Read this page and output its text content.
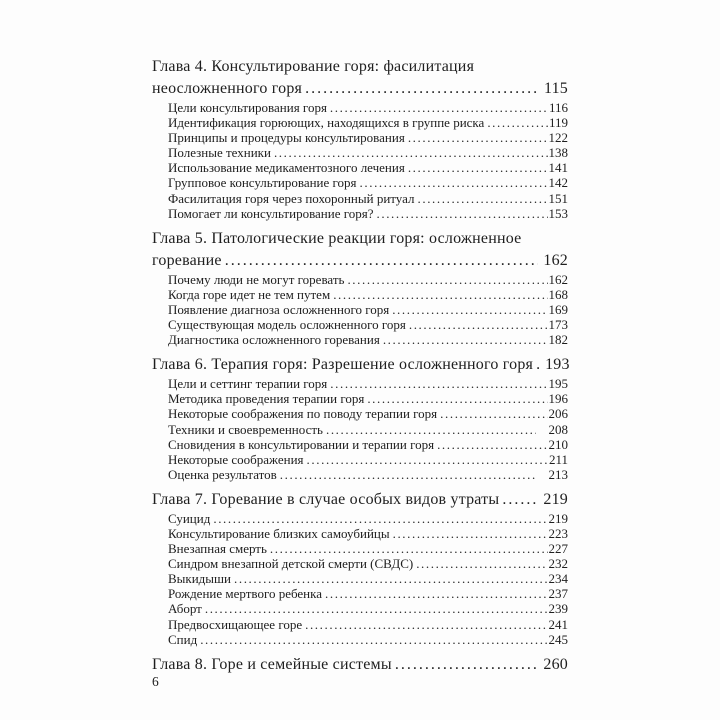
Глава 4. Консультирование горя: фасилитация
неосложненного горя .....	115
Цели консультирования горя .....	116
Идентификация горюющих, находящихся в группе риска .....	119
Принципы и процедуры консультирования .....	122
Полезные техники .....	138
Использование медикаментозного лечения .....	141
Групповое консультирование горя .....	142
Фасилитация горя через похоронный ритуал .....	151
Помогает ли консультирование горя? .....	153
Глава 5. Патологические реакции горя: осложненное
горевание .....	162
Почему люди не могут горевать .....	162
Когда горе идет не тем путем .....	168
Появление диагноза осложненного горя .....	169
Существующая модель осложненного горя .....	173
Диагностика осложненного горевания .....	182
Глава 6. Терапия горя: Разрешение осложненного горя ..... 193
Цели и сеттинг терапии горя .....	195
Методика проведения терапии горя .....	196
Некоторые соображения по поводу терапии горя .....	206
Техники и своевременность .....	208
Сновидения в консультировании и терапии горя .....	210
Некоторые соображения .....	211
Оценка результатов .....	213
Глава 7. Горевание в случае особых видов утраты .....	219
Суицид .....	219
Консультирование близких самоубийцы .....	223
Внезапная смерть .....	227
Синдром внезапной детской смерти (СВДС) .....	232
Выкидыши .....	234
Рождение мертвого ребенка .....	237
Аборт .....	239
Предвосхищающее горе .....	241
Спид .....	245
Глава 8. Горе и семейные системы .....	260
6
